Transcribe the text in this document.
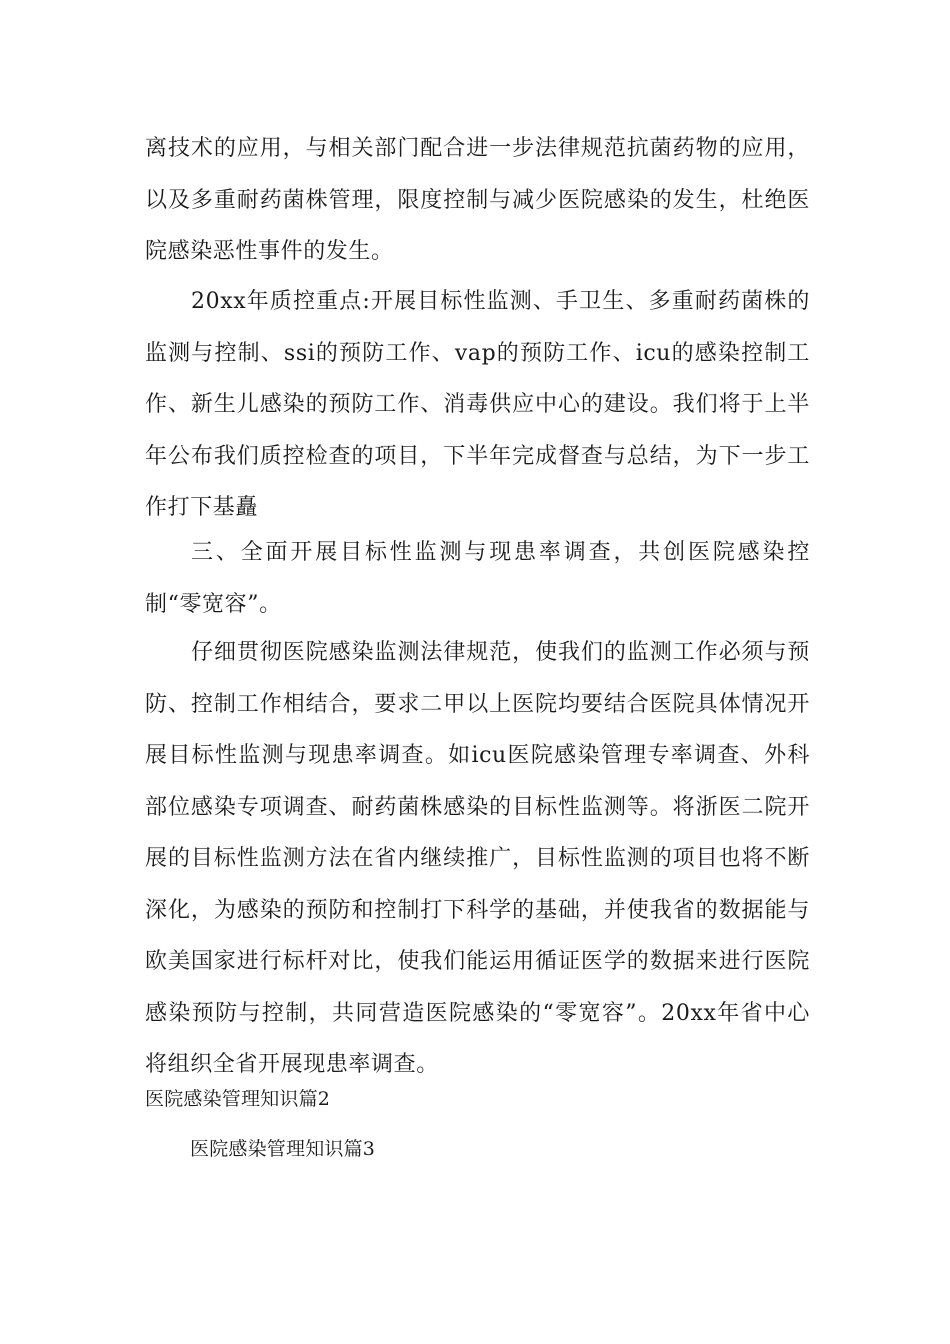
离技术的应用，与相关部门配合进一步法律规范抗菌药物的应用，以及多重耐药菌株管理，限度控制与减少医院感染的发生，杜绝医院感染恶性事件的发生。

20xx年质控重点:开展目标性监测、手卫生、多重耐药菌株的监测与控制、ssi的预防工作、vap的预防工作、icu的感染控制工作、新生儿感染的预防工作、消毒供应中心的建设。我们将于上半年公布我们质控检查的项目，下半年完成督查与总结，为下一步工作打下基矗

三、全面开展目标性监测与现患率调查，共创医院感染控制“零宽容”。

仔细贯彻医院感染监测法律规范，使我们的监测工作必须与预防、控制工作相结合，要求二甲以上医院均要结合医院具体情况开展目标性监测与现患率调查。如icu医院感染管理专率调查、外科部位感染专项调查、耐药菌株感染的目标性监测等。将浙医二院开展的目标性监测方法在省内继续推广，目标性监测的项目也将不断深化，为感染的预防和控制打下科学的基础，并使我省的数据能与欧美国家进行标杆对比，使我们能运用循证医学的数据来进行医院感染预防与控制，共同营造医院感染的“零宽容”。20xx年省中心将组织全省开展现患率调查。

医院感染管理知识篇2

医院感染管理知识篇3
